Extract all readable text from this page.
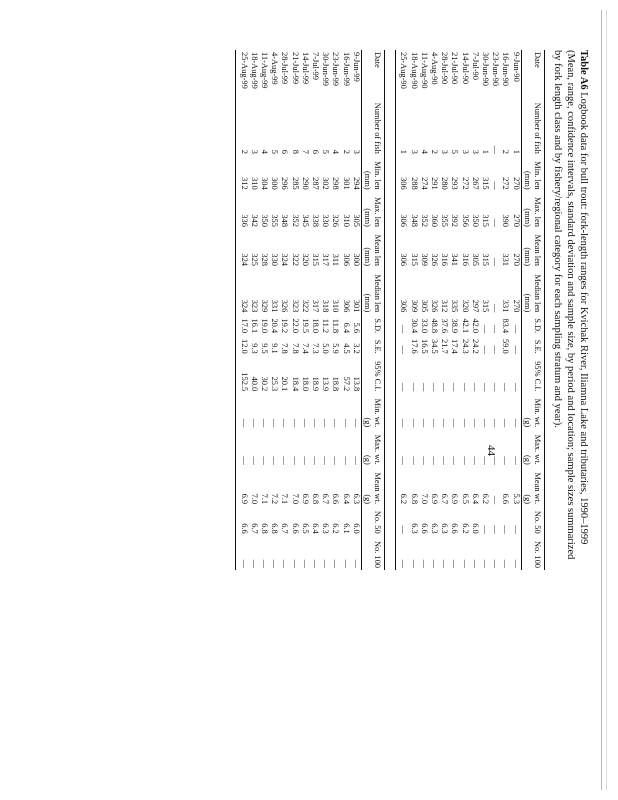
Table A6 Logbook data for bull trout: fork-length ranges for Kvichak River, Iliamna Lake and tributaries, 1990–1999 (Mean, range, confidence intervals, standard deviation and sample size, by period and location; sample sizes summarized by fork length class and by fishery/regional category for each sampling stratum and year).

Date	Number of fish	Min. len	Max. len	Mean len	Median len	S.D.	S.E.	95% C.I.	Min. wt.	Max. wt.	Mean wt.	No. 50	No. 100
		(mm)	(mm)	(mm)	(mm)				(g)	(g)	(g)		
9-Jun-90	1	270	270	270	270	—	—	—	—	—	5.3	—	—
16-Jun-90	2	272	390	331	331	83.4	59.0	—	—	—	6.6	—	—
23-Jun-90	—	—	—	—	—	—	—	—	—	—	—	—	—
30-Jun-90	1	315	315	315	315	—	—	—	—	—	6.2	—	—
7-Jul-90	3	267	350	305	297	42.0	24.2	—	—	—	6.4	6.0	—
14-Jul-90	3	272	356	316	320	42.1	24.3	—	—	—	6.5	6.2	—
21-Jul-90	5	293	392	341	335	38.9	17.4	—	—	—	6.9	6.6	—
28-Jul-90	3	280	355	316	312	37.6	21.7	—	—	—	6.7	6.3	—
4-Aug-90	2	291	360	326	326	48.8	34.5	—	—	—	6.9	6.3	—
11-Aug-90	4	274	352	309	305	33.0	16.5	—	—	—	7.0	6.6	—
18-Aug-90	3	288	348	315	309	30.4	17.6	—	—	—	6.8	6.3	—
25-Aug-90	1	306	306	306	306	—	—	—	—	—	6.2	—	—
Date	Number of fish	Min. len	Max. len	Mean len	Median len	S.D.	S.E.	95% C.I.	Min. wt.	Max. wt.	Mean wt.	No. 50	No. 100
		(mm)	(mm)	(mm)	(mm)				(g)	(g)	(g)		
9-Jun-99	3	294	305	300	301	5.6	3.2	13.8	—	—	6.3	6.0	—
16-Jun-99	2	301	310	306	306	6.4	4.5	57.2	—	—	6.4	6.1	—
23-Jun-99	4	298	326	311	310	11.8	5.9	18.8	—	—	6.6	6.2	—
30-Jun-99	5	302	330	317	318	11.2	5.0	13.9	—	—	6.7	6.3	—
7-Jul-99	6	287	338	315	317	18.0	7.3	18.9	—	—	6.8	6.4	—
14-Jul-99	7	290	345	320	322	19.5	7.4	18.0	—	—	6.9	6.5	—
21-Jul-99	8	285	352	322	323	22.0	7.8	18.4	—	—	7.0	6.6	—
28-Jul-99	6	296	348	324	326	19.2	7.8	20.1	—	—	7.1	6.7	—
4-Aug-99	5	300	355	330	331	20.4	9.1	25.3	—	—	7.2	6.8	—
11-Aug-99	4	304	350	328	329	19.0	9.5	30.2	—	—	7.1	6.8	—
18-Aug-99	3	310	342	325	323	16.1	9.3	40.0	—	—	7.0	6.7	—
25-Aug-99	2	312	336	324	324	17.0	12.0	152.5	—	—	6.9	6.6	—
44
